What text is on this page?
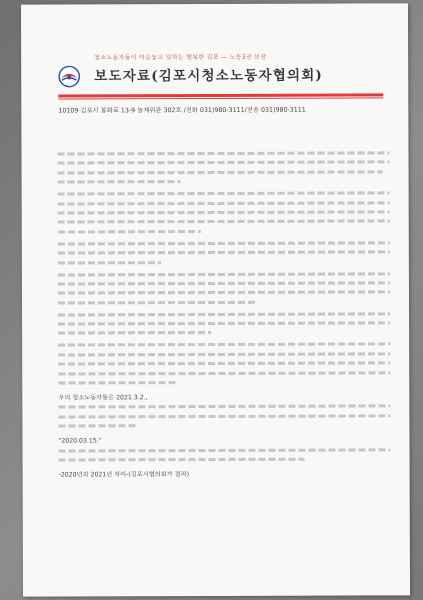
청소노동자들이 마음놓고 일하는 행복한 김포 — 노동3권 보장
보도자료(김포시청소노동자협의회)
10109 김포시 봉화로 13-9 놀제위관 302호 /전화 031)980-3111/전송 031)980-3111
우리 청소노동자들은 2021.3.2.,
"2020.03.15."
-2020년과 2021년 차이-(김포시협의회가 결과)
